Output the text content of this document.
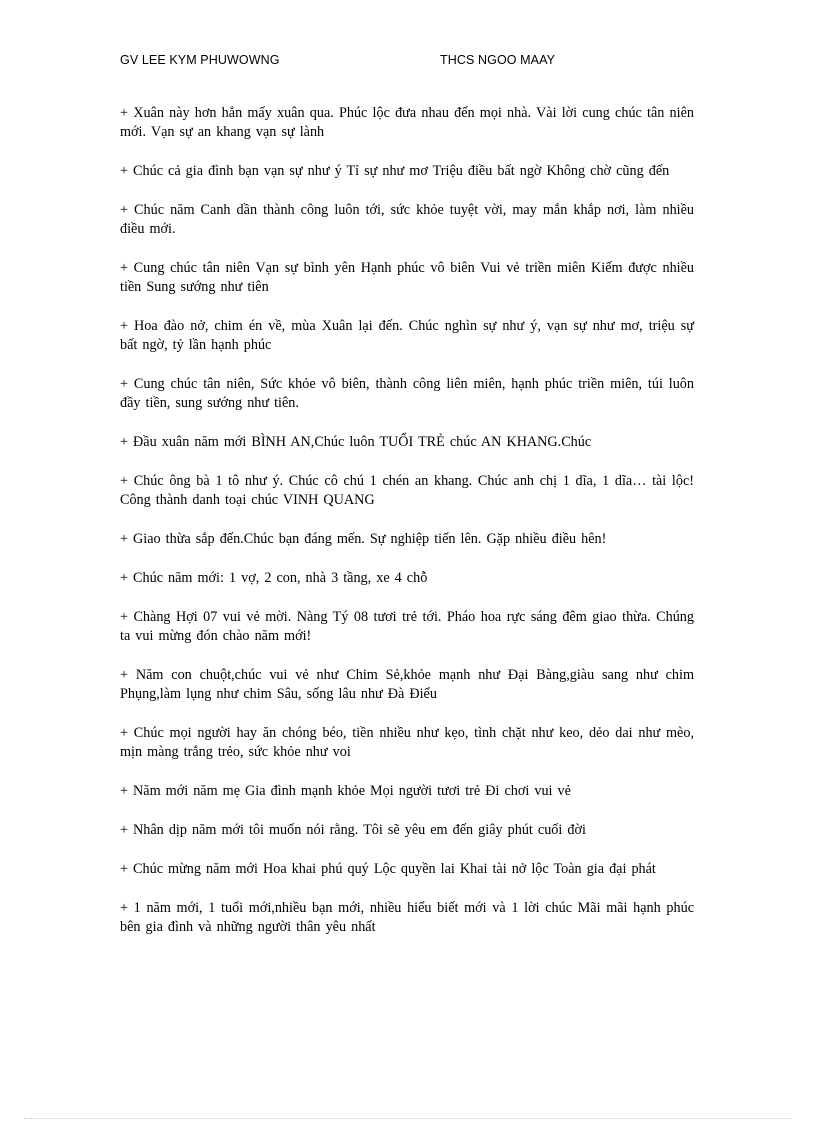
GV LEE KYM PHUWOWNG	THCS NGOO MAAY

+ Xuân này hơn hẳn mấy xuân qua. Phúc lộc đưa nhau đến mọi nhà. Vài lời cung chúc tân niên mới. Vạn sự an khang vạn sự lành

+ Chúc cả gia đình bạn vạn sự như ý Tỉ sự như mơ Triệu điều bất ngờ Không chờ cũng đến

+ Chúc năm Canh dần thành công luôn tới, sức khỏe tuyệt vời, may mắn khắp nơi, làm nhiều điều mới.

+ Cung chúc tân niên Vạn sự bình yên Hạnh phúc vô biên Vui vẻ triền miên Kiếm được nhiều tiền Sung sướng như tiên

+ Hoa đào nở, chim én về, mùa Xuân lại đến. Chúc nghìn sự như ý, vạn sự như mơ, triệu sự bất ngờ, tỷ lần hạnh phúc

+ Cung chúc tân niên, Sức khỏe vô biên, thành công liên miên, hạnh phúc triền miên, túi luôn đầy tiền, sung sướng như tiên.

+ Đầu xuân năm mới BÌNH AN,Chúc luôn TUỔI TRẺ chúc AN KHANG.Chúc

+ Chúc ông bà 1 tô như ý. Chúc cô chú 1 chén an khang. Chúc anh chị 1 dĩa, 1 dĩa… tài lộc! Công thành danh toại chúc VINH QUANG

+ Giao thừa sắp đến.Chúc bạn đáng mến. Sự nghiệp tiến lên. Gặp nhiều điều hên!

+ Chúc năm mới: 1 vợ, 2 con, nhà 3 tầng, xe 4 chỗ

+ Chàng Hợi 07 vui vẻ mời. Nàng Tý 08 tươi trẻ tới. Pháo hoa rực sáng đêm giao thừa. Chúng ta vui mừng đón chào năm mới!

+ Năm con chuột,chúc vui vẻ như Chim Sẻ,khỏe mạnh như Đại Bàng,giàu sang như chim Phụng,làm lụng như chim Sâu, sống lâu như Đà Điểu

+ Chúc mọi người hay ăn chóng béo, tiền nhiều như kẹo, tình chặt như keo, dẻo dai như mèo, mịn màng trắng trẻo, sức khỏe như voi

+ Năm mới năm mẹ Gia đình mạnh khỏe Mọi người tươi trẻ Đi chơi vui vẻ

+ Nhân dịp năm mới tôi muốn nói rằng. Tôi sẽ yêu em đến giây phút cuối đời

+ Chúc mừng năm mới Hoa khai phú quý Lộc quyền lai Khai tài nở lộc Toàn gia đại phát

+ 1 năm mới, 1 tuổi mới,nhiều bạn mới, nhiều hiểu biết mới và 1 lời chúc Mãi mãi hạnh phúc bên gia đình và những người thân yêu nhất
